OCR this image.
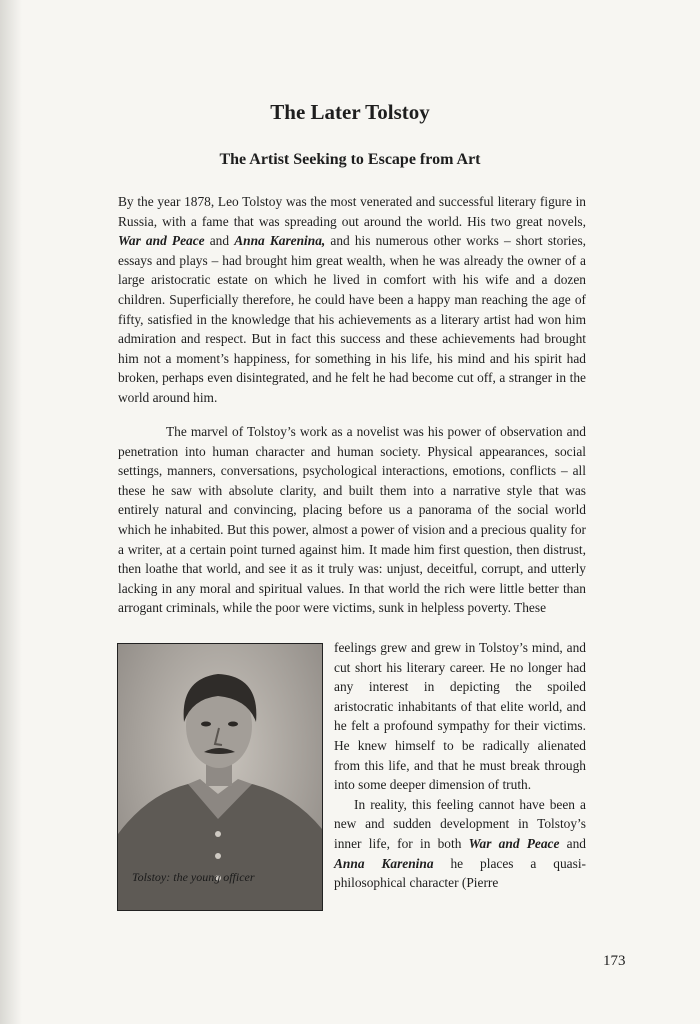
The Later Tolstoy
The Artist Seeking to Escape from Art

By the year 1878, Leo Tolstoy was the most venerated and successful literary figure in Russia, with a fame that was spreading out around the world. His two great novels, War and Peace and Anna Karenina, and his numerous other works – short stories, essays and plays – had brought him great wealth, when he was already the owner of a large aristocratic estate on which he lived in comfort with his wife and a dozen children. Superficially therefore, he could have been a happy man reaching the age of fifty, satisfied in the knowledge that his achievements as a literary artist had won him admiration and respect. But in fact this success and these achievements had brought him not a moment’s happiness, for something in his life, his mind and his spirit had broken, perhaps even disintegrated, and he felt he had become cut off, a stranger in the world around him.

The marvel of Tolstoy’s work as a novelist was his power of observation and penetration into human character and human society. Physical appearances, social settings, manners, conversations, psychological interactions, emotions, conflicts – all these he saw with absolute clarity, and built them into a narrative style that was entirely natural and convincing, placing before us a panorama of the social world which he inhabited. But this power, almost a power of vision and a precious quality for a writer, at a certain point turned against him. It made him first question, then distrust, then loathe that world, and see it as it truly was: unjust, deceitful, corrupt, and utterly lacking in any moral and spiritual values. In that world the rich were little better than arrogant criminals, while the poor were victims, sunk in helpless poverty. These

Tolstoy: the young officer

feelings grew and grew in Tolstoy’s mind, and cut short his literary career. He no longer had any interest in depicting the spoiled aristocratic inhabitants of that elite world, and he felt a profound sympathy for their victims. He knew himself to be radically alienated from this life, and that he must break through into some deeper dimension of truth.

In reality, this feeling cannot have been a new and sudden development in Tolstoy’s inner life, for in both War and Peace and Anna Karenina he places a quasi-philosophical character (Pierre

173
